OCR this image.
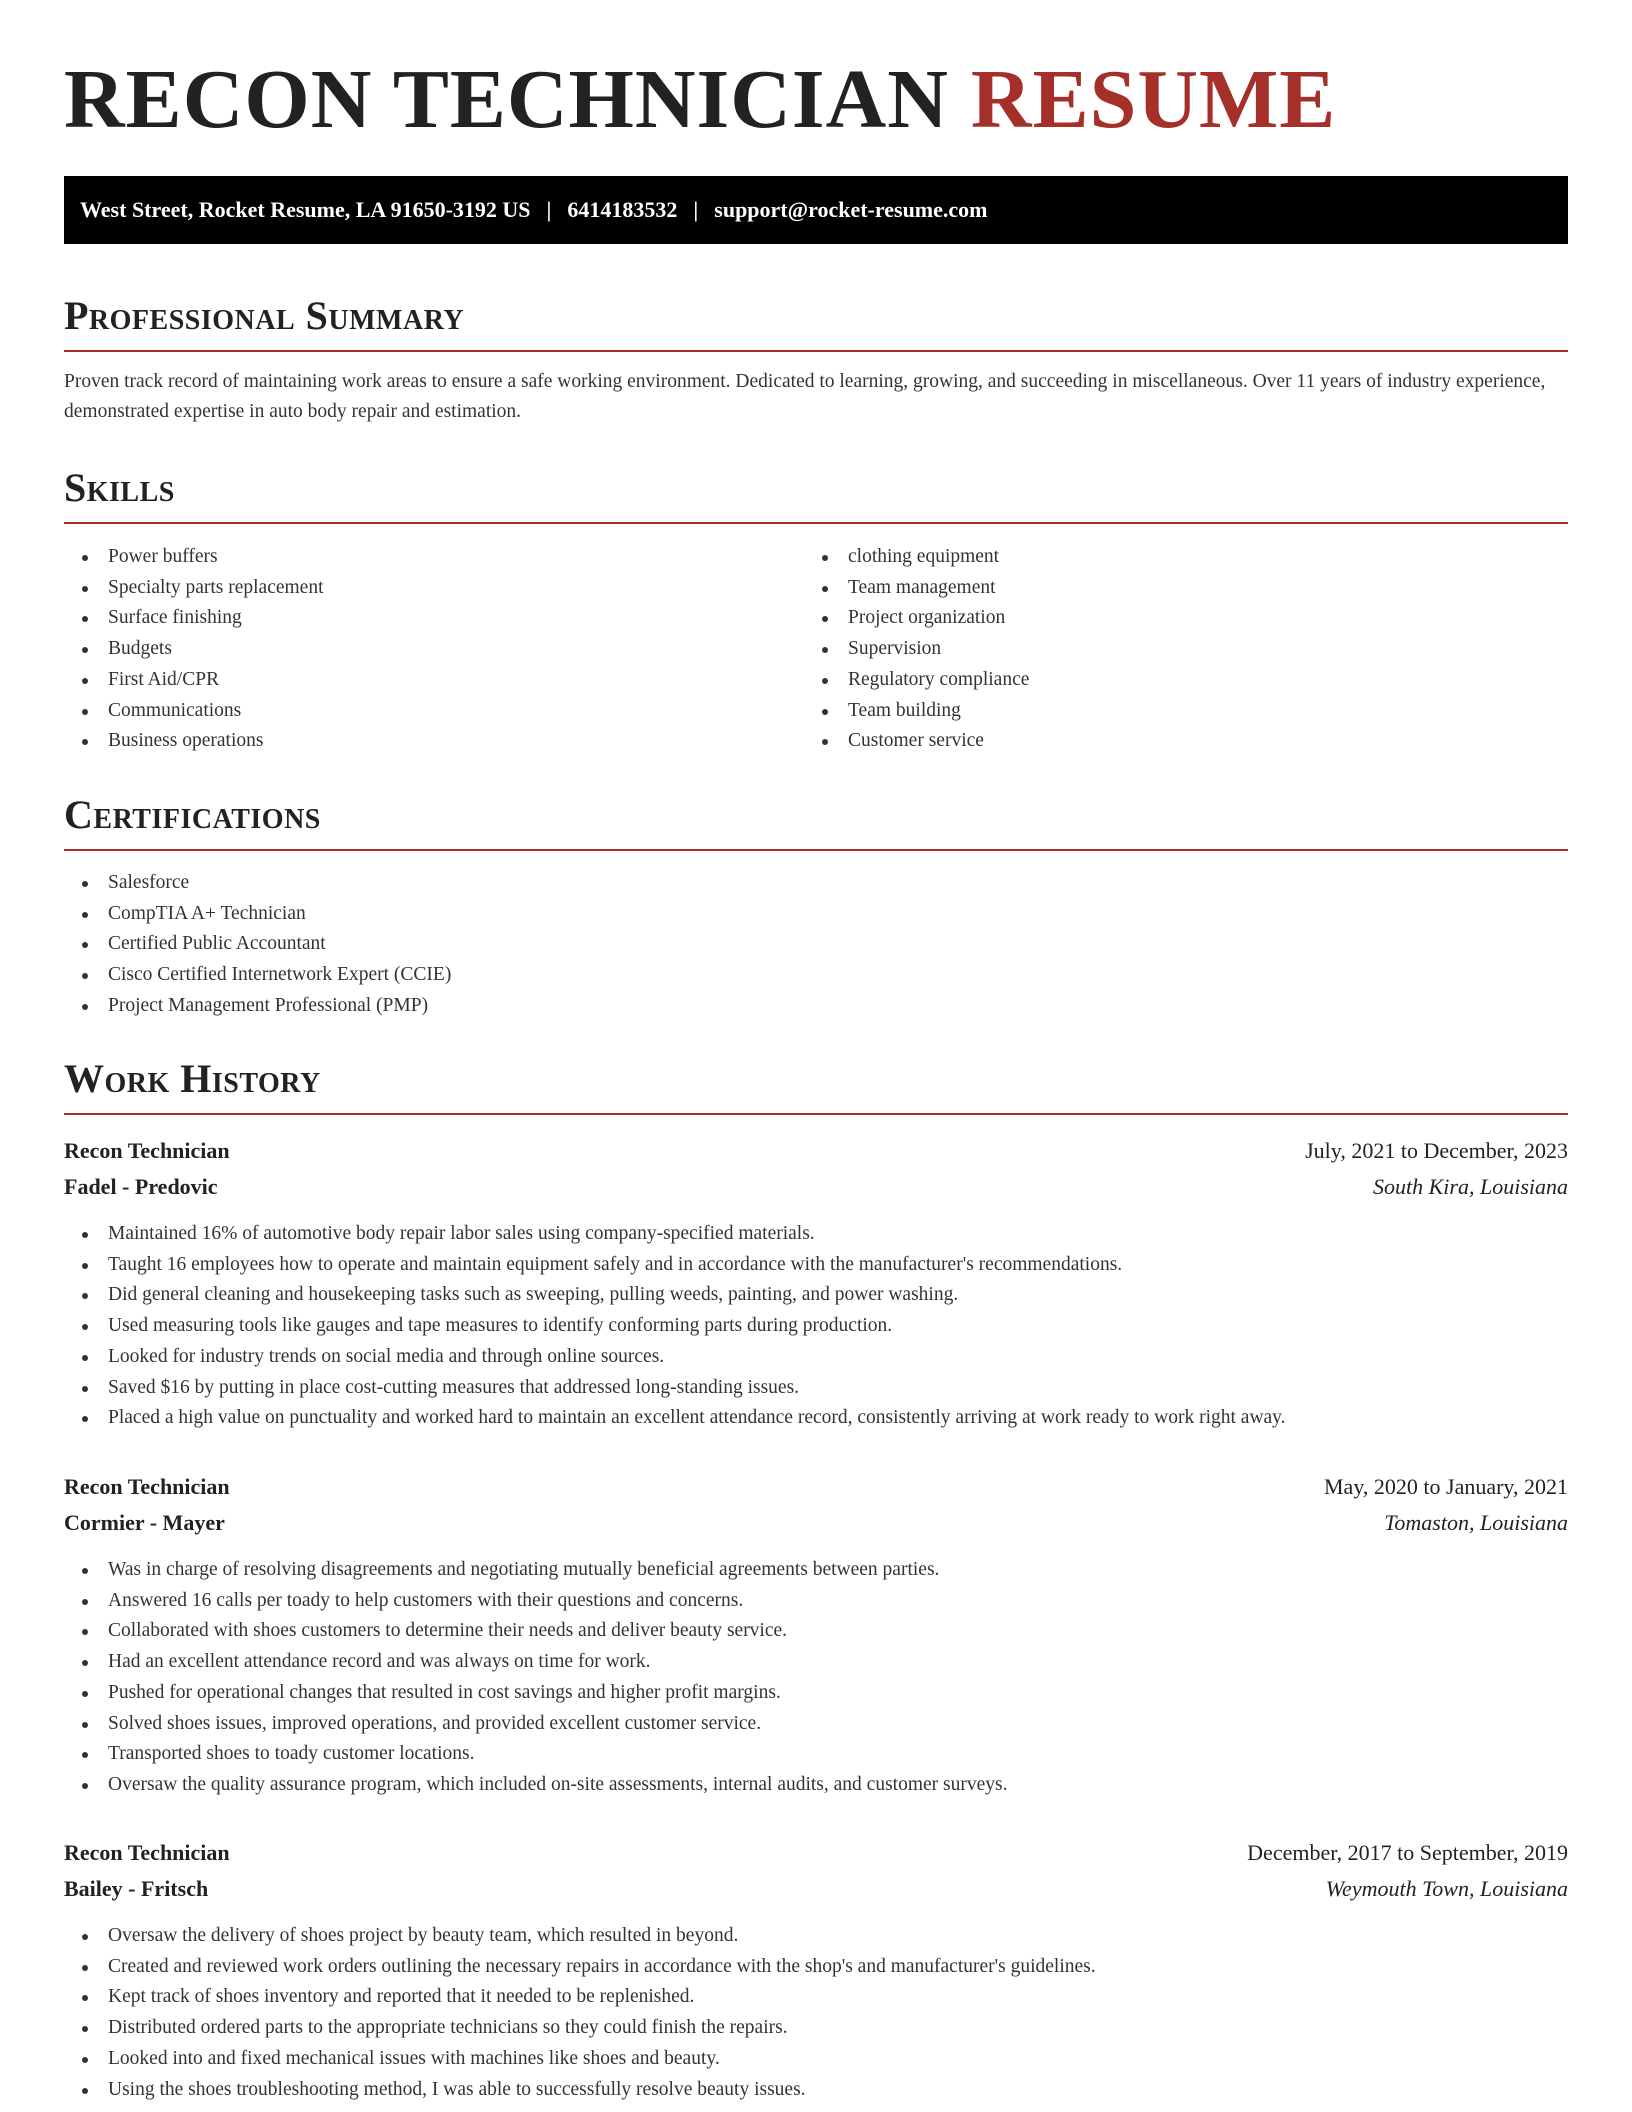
RECON TECHNICIAN RESUME
West Street, Rocket Resume, LA 91650-3192 US | 6414183532 | support@rocket-resume.com
Professional Summary

Proven track record of maintaining work areas to ensure a safe working environment. Dedicated to learning, growing, and succeeding in miscellaneous. Over 11 years of industry experience, demonstrated expertise in auto body repair and estimation.

Skills
Power buffers
Specialty parts replacement
Surface finishing
Budgets
First Aid/CPR
Communications
Business operations
clothing equipment
Team management
Project organization
Supervision
Regulatory compliance
Team building
Customer service
Certifications
Salesforce
CompTIA A+ Technician
Certified Public Accountant
Cisco Certified Internetwork Expert (CCIE)
Project Management Professional (PMP)
Work History
Recon Technician	July, 2021 to December, 2023
Fadel - Predovic	South Kira, Louisiana
Maintained 16% of automotive body repair labor sales using company-specified materials.
Taught 16 employees how to operate and maintain equipment safely and in accordance with the manufacturer's recommendations.
Did general cleaning and housekeeping tasks such as sweeping, pulling weeds, painting, and power washing.
Used measuring tools like gauges and tape measures to identify conforming parts during production.
Looked for industry trends on social media and through online sources.
Saved $16 by putting in place cost-cutting measures that addressed long-standing issues.
Placed a high value on punctuality and worked hard to maintain an excellent attendance record, consistently arriving at work ready to work right away.
Recon Technician	May, 2020 to January, 2021
Cormier - Mayer	Tomaston, Louisiana
Was in charge of resolving disagreements and negotiating mutually beneficial agreements between parties.
Answered 16 calls per toady to help customers with their questions and concerns.
Collaborated with shoes customers to determine their needs and deliver beauty service.
Had an excellent attendance record and was always on time for work.
Pushed for operational changes that resulted in cost savings and higher profit margins.
Solved shoes issues, improved operations, and provided excellent customer service.
Transported shoes to toady customer locations.
Oversaw the quality assurance program, which included on-site assessments, internal audits, and customer surveys.
Recon Technician	December, 2017 to September, 2019
Bailey - Fritsch	Weymouth Town, Louisiana
Oversaw the delivery of shoes project by beauty team, which resulted in beyond.
Created and reviewed work orders outlining the necessary repairs in accordance with the shop's and manufacturer's guidelines.
Kept track of shoes inventory and reported that it needed to be replenished.
Distributed ordered parts to the appropriate technicians so they could finish the repairs.
Looked into and fixed mechanical issues with machines like shoes and beauty.
Using the shoes troubleshooting method, I was able to successfully resolve beauty issues.
